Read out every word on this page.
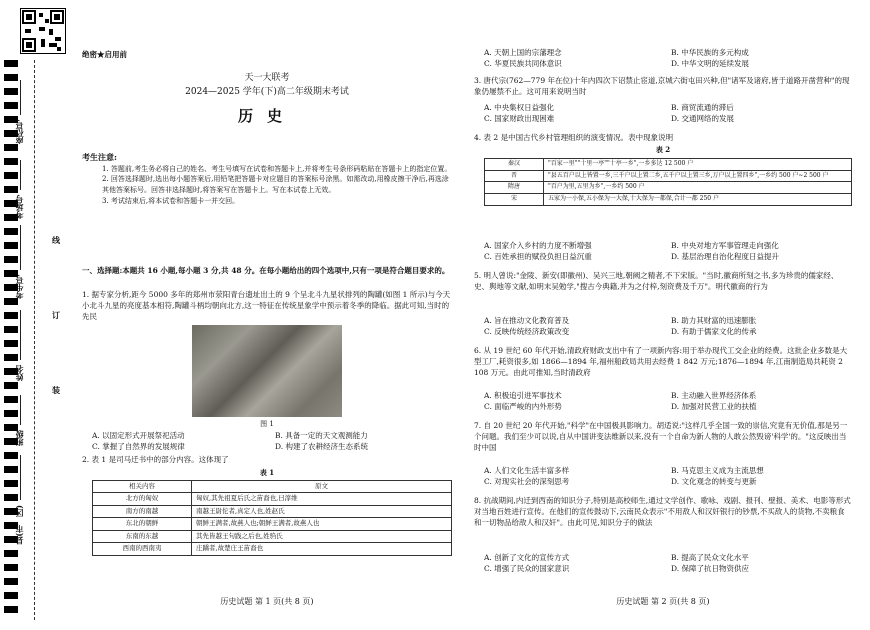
座位号
考场号
考生号
姓名
班级
县(市、区)
线
订
装
绝密★启用前
天一大联考
2024—2025 学年(下)高二年级期末考试
历史
考生注意:

1. 答题前,考生务必将自己的姓名、考生号填写在试卷和答题卡上,并将考生号条形码粘贴在答题卡上的指定位置。

2. 回答选择题时,选出每小题答案后,用铅笔把答题卡对应题目的答案标号涂黑。如需改动,用橡皮擦干净后,再选涂其他答案标号。回答非选择题时,将答案写在答题卡上。写在本试卷上无效。

3. 考试结束后,将本试卷和答题卡一并交回。

一、选择题:本题共 16 小题,每小题 3 分,共 48 分。在每小题给出的四个选项中,只有一项是符合题目要求的。
1. 据专家分析,距今 5000 多年的郑州市荥阳青台遗址出土的 9 个呈北斗九星状排列的陶罐(如图 1 所示)与今天小北斗九星的亮度基本相符,陶罐斗柄均朝向北方,这一特征在传统星象学中预示着冬季的降临。据此可知,当时的先民
图 1
A. 以固定形式开展祭祀活动	B. 具备一定的天文观测能力
C. 掌握了自然界的发展规律	D. 构建了农耕经济生态系统
2. 表 1 是司马迁书中的部分内容。这体现了
表 1
相关内容	原文
北方的匈奴	匈奴,其先祖夏后氏之苗裔也,曰淳维
南方的南越	南越王尉佗者,真定人也,姓赵氏
东北的朝鲜	朝鲜王满者,故燕人也;朝鲜王满者,故燕人也
东南的东越	其先皆越王句践之后也,姓驺氏
西南的西南夷	庄蹻者,故楚庄王苗裔也
历史试题 第 1 页(共 8 页)
A. 天朝上国的宗藩理念	B. 中华民族的多元构成
C. 华夏民族共同体意识	D. 中华文明的延续发展
3. 唐代宗(762—779 年在位)十年内四次下诏禁止宦道,京城六街屯田兴种,但"诸军及诸府,皆于道路开凿营种"的现象仍屡禁不止。这可用来说明当时
A. 中央集权日益强化	B. 商贸流通的滞后
C. 国家财政出现困难	D. 交通网络的发展
4. 表 2 是中国古代乡村管理组织的演变情况。表中现象说明
表 2
秦汉	"百家一里""十里一亭""十亭一乡",一乡多达 12 500 户
晋	"县五百户以上皆置一乡,三千户以上置二乡,五千户以上置三乡,万户以上置四乡",一乡约 500 户~2 500 户
隋唐	"百户为里,五里为乡",一乡约 500 户
宋	五家为一小保,五小保为一大保,十大保为一都保,合计一都 250 户
A. 国家介入乡村的力度不断增强	B. 中央对地方军事管理走向强化
C. 百姓承担的赋役负担日益沉重	D. 基层治理自治化程度日益提升
5. 明人曾说:"金陵、新安(即徽州)、吴兴三地,朝阙之精者,不下宋版。"当时,徽商所刻之书,多为珍贵的儒家经、史、舆地等文献,如明末吴勉学,"搜古今典籍,并为之付梓,刻资费及千万"。明代徽商的行为
A. 旨在推动文化教育普及	B. 助力其财富的迅速膨胀
C. 反映传统经济政策改变	D. 有助于儒家文化的传承
6. 从 19 世纪 60 年代开始,清政府财政支出中有了一项新内容:用于举办现代工交企业的经费。这批企业多数是大型工厂,耗资很多,如 1866—1894 年,福州船政局共用去经费 1 842 万元;1876—1894 年,江南制造局共耗资 2 108 万元。由此可推知,当时清政府
A. 积极追引进军事技术	B. 主动融入世界经济体系
C. 面临严峻的内外形势	D. 加强对民营工业的扶植
7. 自 20 世纪 20 年代开始,"科学"在中国极具影响力。胡适说:"这样几乎全国一致的崇信,究竟有无价值,那是另一个问题。我们至少可以说,自从中国讲变法维新以来,没有一个自命为新人物的人敢公然毁谤'科学'的。"这反映出当时中国
A. 人们文化生活丰富多样	B. 马克思主义成为主流思想
C. 对现实社会的深刻思考	D. 文化观念的转变与更新
8. 抗战期间,内迁到西南的知识分子,特别是高校师生,通过文学创作、歌咏、戏剧、报刊、壁报、美术、电影等形式对当地百姓进行宣传。在他们的宣传鼓动下,云南民众表示"不用敌人和汉奸银行的钞票,不买敌人的货物,不卖粮食和一切物品给敌人和汉奸"。由此可见,知识分子的做法
A. 创新了文化的宣传方式	B. 提高了民众文化水平
C. 增强了民众的国家意识	D. 保障了抗日物资供应
历史试题 第 2 页(共 8 页)
